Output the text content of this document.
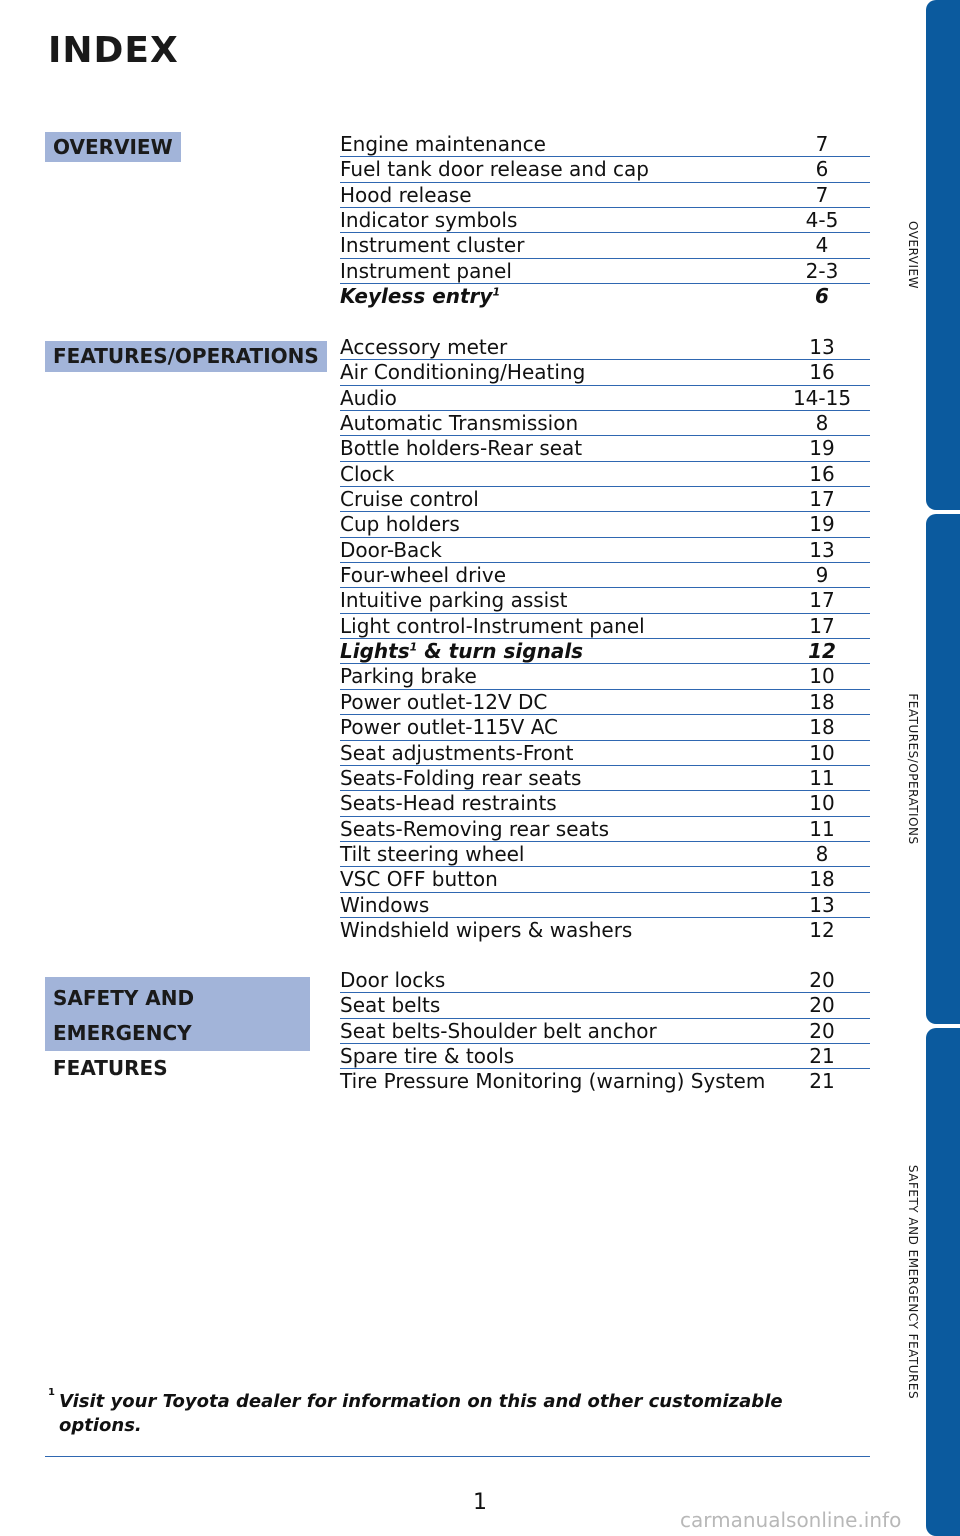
INDEX
OVERVIEW	Engine maintenance	7
Fuel tank door release and cap	6
Hood release	7
Indicator symbols	4-5
Instrument cluster	4
Instrument panel	2-3
Keyless entry$^1$	6
FEATURES/OPERATIONS Accessory meter	13
Air Conditioning/Heating	16
Audio	14-15
Automatic Transmission	8
Bottle holders-Rear seat	19
Clock	16
Cruise control	17
Cup holders	19
Door-Back	13
Four-wheel drive	9
Intuitive parking assist	17
Light control-Instrument panel	17
Lights$^1$ & turn signals	12
Parking brake	10
Power outlet-12V DC	18
Power outlet-115V AC	18
Seat adjustments-Front	10
Seats-Folding rear seats	11
Seats-Head restraints	10
Seats-Removing rear seats	11
Tilt steering wheel	8
VSC OFF button	18
Windows	13
Windshield wipers & washers	12
SAFETY AND
EMERGENCY FEATURES
Door locks	20
Seat belts	20
Seat belts-Shoulder belt anchor	20
Spare tire & tools	21
Tire Pressure Monitoring (warning) System	21
1 Visit your Toyota dealer for information on this and other customizable options.
1
carmanualsonline.info
OVERVIEW
FEATURES/OPERATIONS
SAFETY AND EMERGENCY FEATURES
